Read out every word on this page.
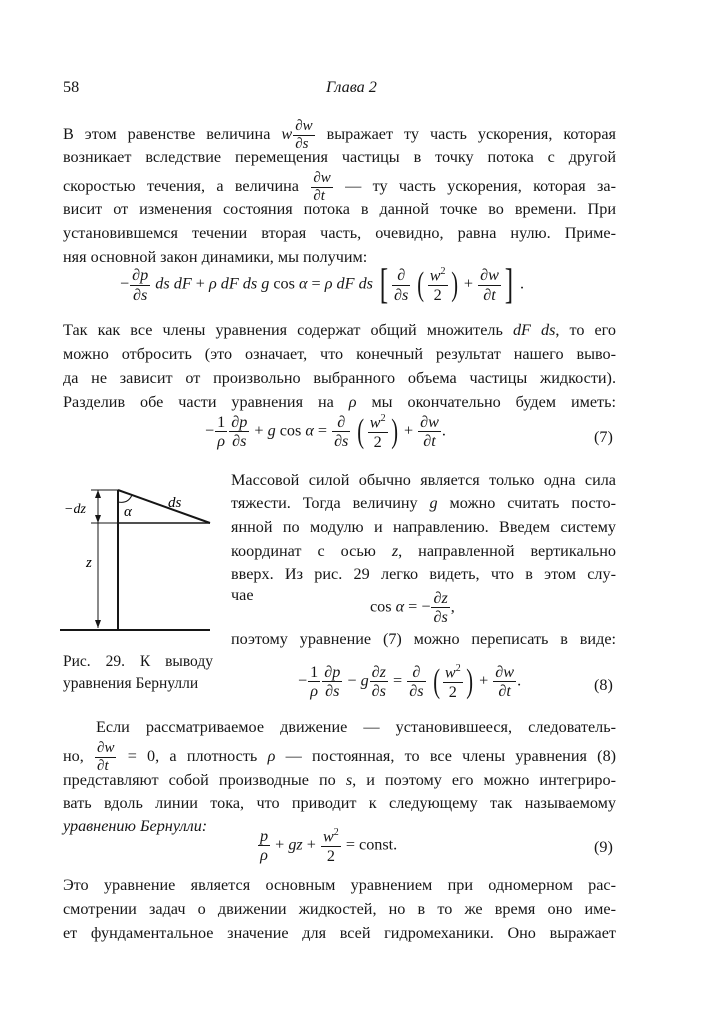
58	Глава 2
В этом равенстве величина w $\frac{\partial w}{\partial s}$ выражает ту часть ускорения, которая
возникает вследствие перемещения частицы в точку потока с другой
скоростью течения, а величина $\frac{\partial w}{\partial t}$ — ту часть ускорения, которая за-
висит от изменения состояния потока в данной точке во времени. При
установившемся течении вторая часть, очевидно, равна нулю. Приме-
няя основной закон динамики, мы получим:
− $\frac{\partial p}{\partial s}$ ds dF + ρ dF ds g cos α = ρ dF ds [ $\frac{\partial}{\partial s}$ ( $\frac{w^2}{2}$ ) + $\frac{\partial w}{\partial t}$ ] .
Так как все члены уравнения содержат общий множитель dF ds, то его
можно отбросить (это означает, что конечный результат нашего выво-
да не зависит от произвольно выбранного объема частицы жидкости).
Разделив обе части уравнения на ρ мы окончательно будем иметь:
− $\frac{1}{\rho} \frac{\partial p}{\partial s} + g$ $\cos \alpha = \frac{\partial}{\partial s}$ ( $\frac{w^2}{2}$ ) + $\frac{\partial w}{\partial t}$ .	(7)
−dz	α
ds
z
Рис. 29. К выводу
уравнения Бернулли
Массовой силой обычно является только одна сила
тяжести. Тогда величину g можно считать посто-
янной по модулю и направлению. Введем систему
координат с осью z, направленной вертикально
вверх. Из рис. 29 легко видеть, что в этом слу-
чае
cos α = − $\frac{\partial z}{\partial s}$ ,
поэтому уравнение (7) можно переписать в виде:
− $\frac{1}{\rho} \frac{\partial p}{\partial s} - g \frac{\partial z}{\partial s} = \frac{\partial}{\partial s}$ ( $\frac{w^2}{2}$ ) + $\frac{\partial w}{\partial t}$ .	(8)
Если рассматриваемое движение — установившееся, следователь-
но, $\frac{\partial w}{\partial t} = 0$, а плотность ρ — постоянная, то все члены уравнения (8)
представляют собой производные по s, и поэтому его можно интегриро-
вать вдоль линии тока, что приводит к следующему так называемому
уравнению Бернулли:
$\frac{p}{\rho}$ + gz + $\frac{w^2}{2}$ = const.	(9)
Это уравнение является основным уравнением при одномерном рас-
смотрении задач о движении жидкостей, но в то же время оно име-
ет фундаментальное значение для всей гидромеханики. Оно выражает
